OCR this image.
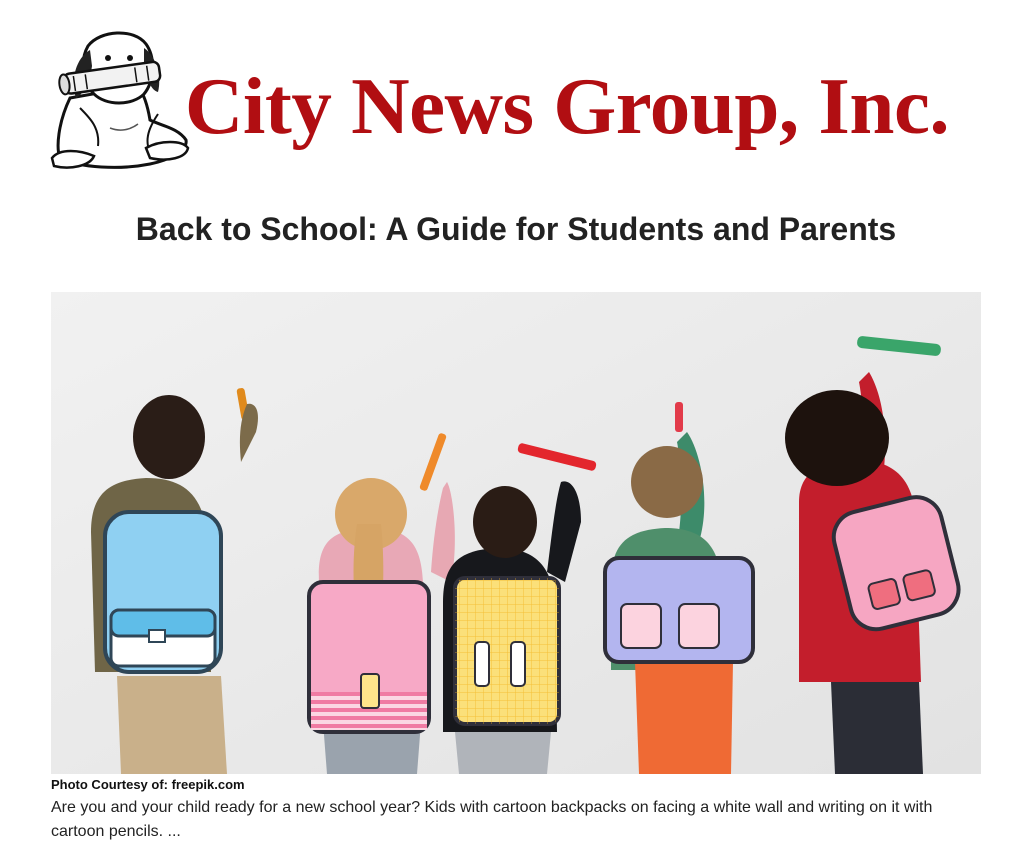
City News Group, Inc.
Back to School: A Guide for Students and Parents
Photo Courtesy of: freepik.com

Are you and your child ready for a new school year? Kids with cartoon backpacks on facing a white wall and writing on it with cartoon pencils. ...
